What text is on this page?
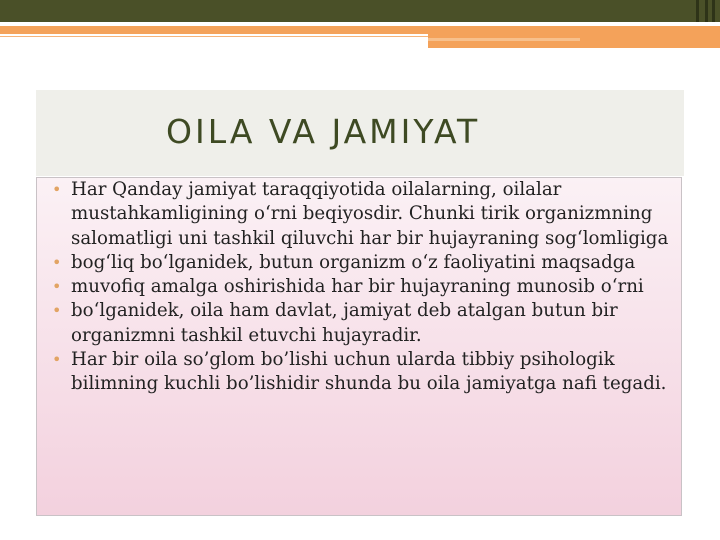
OILA VA JAMIYAT
• Har Qanday jamiyat taraqqiyotida oilalarning, oilalar mustahkamligining o‘rni beqiyosdir. Chunki tirik organizmning salomatligi uni tashkil qiluvchi har bir hujayraning sog‘lomligiga
• bog‘liq bo‘lganidek, butun organizm o‘z faoliyatini maqsadga
• muvofiq amalga oshirishida har bir hujayraning munosib o‘rni
• bo‘lganidek, oila ham davlat, jamiyat deb atalgan butun bir organizmni tashkil etuvchi hujayradir.
• Har bir oila so’glom bo’lishi uchun ularda tibbiy psihologik bilimning kuchli bo’lishidir shunda bu oila jamiyatga nafi tegadi.
